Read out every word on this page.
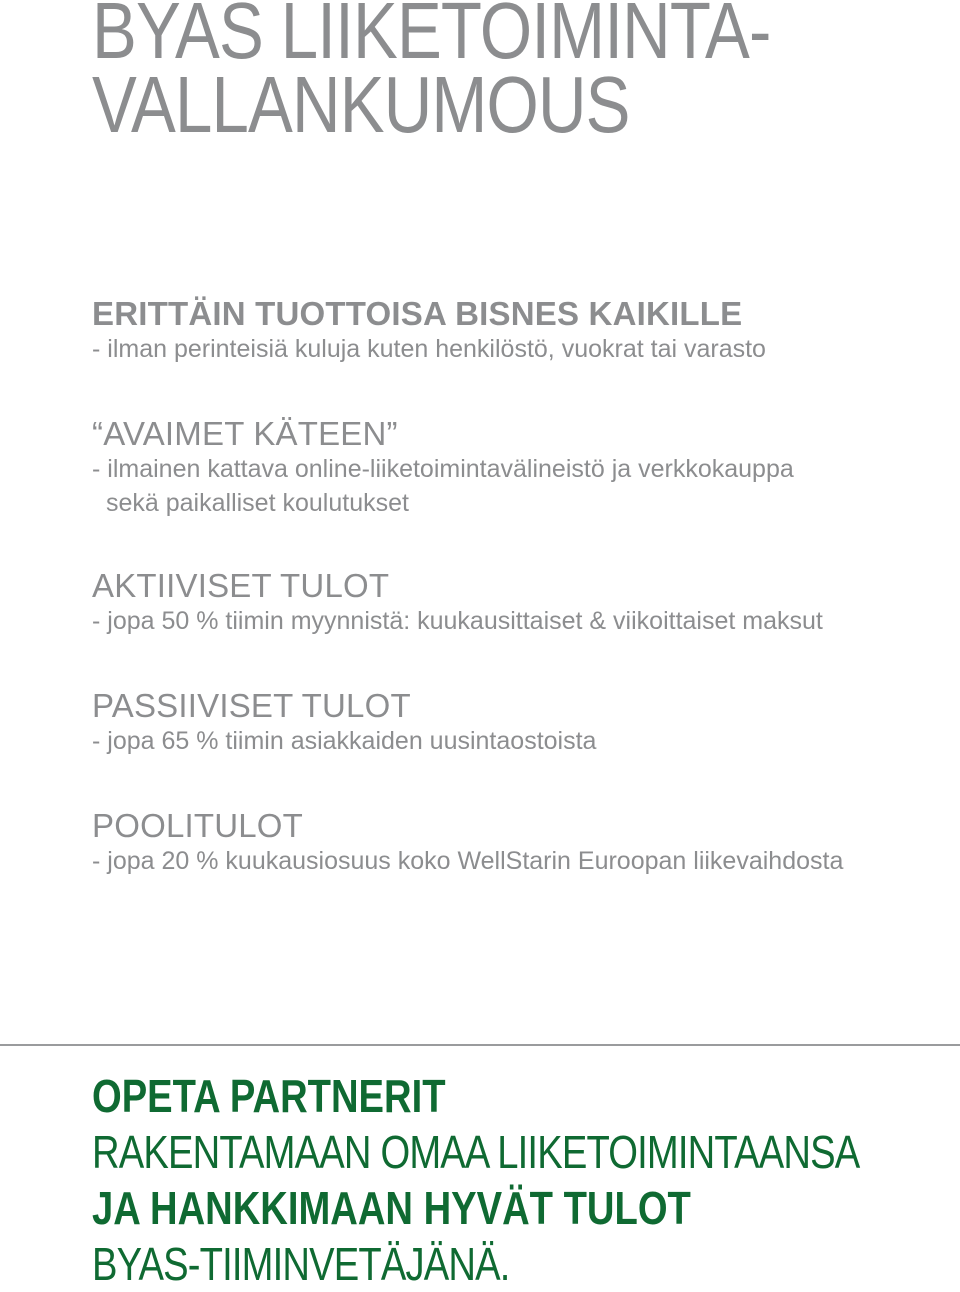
BYAS LIIKETOIMINTA-
VALLANKUMOUS

ERITTÄIN TUOTTOISA BISNES KAIKILLE

- ilman perinteisiä kuluja kuten henkilöstö, vuokrat tai varasto

“AVAIMET KÄTEEN”

- ilmainen kattava online-liiketoimintavälineistö ja verkkokauppa
sekä paikalliset koulutukset

AKTIIVISET TULOT

- jopa 50 % tiimin myynnistä: kuukausittaiset & viikoittaiset maksut

PASSIIVISET TULOT

- jopa 65 % tiimin asiakkaiden uusintaostoista

POOLITULOT

- jopa 20 % kuukausiosuus koko WellStarin Euroopan liikevaihdosta

OPETA PARTNERIT
RAKENTAMAAN OMAA LIIKETOIMINTAANSA
JA HANKKIMAAN HYVÄT TULOT
BYAS-TIIMINVETÄJÄNÄ.
